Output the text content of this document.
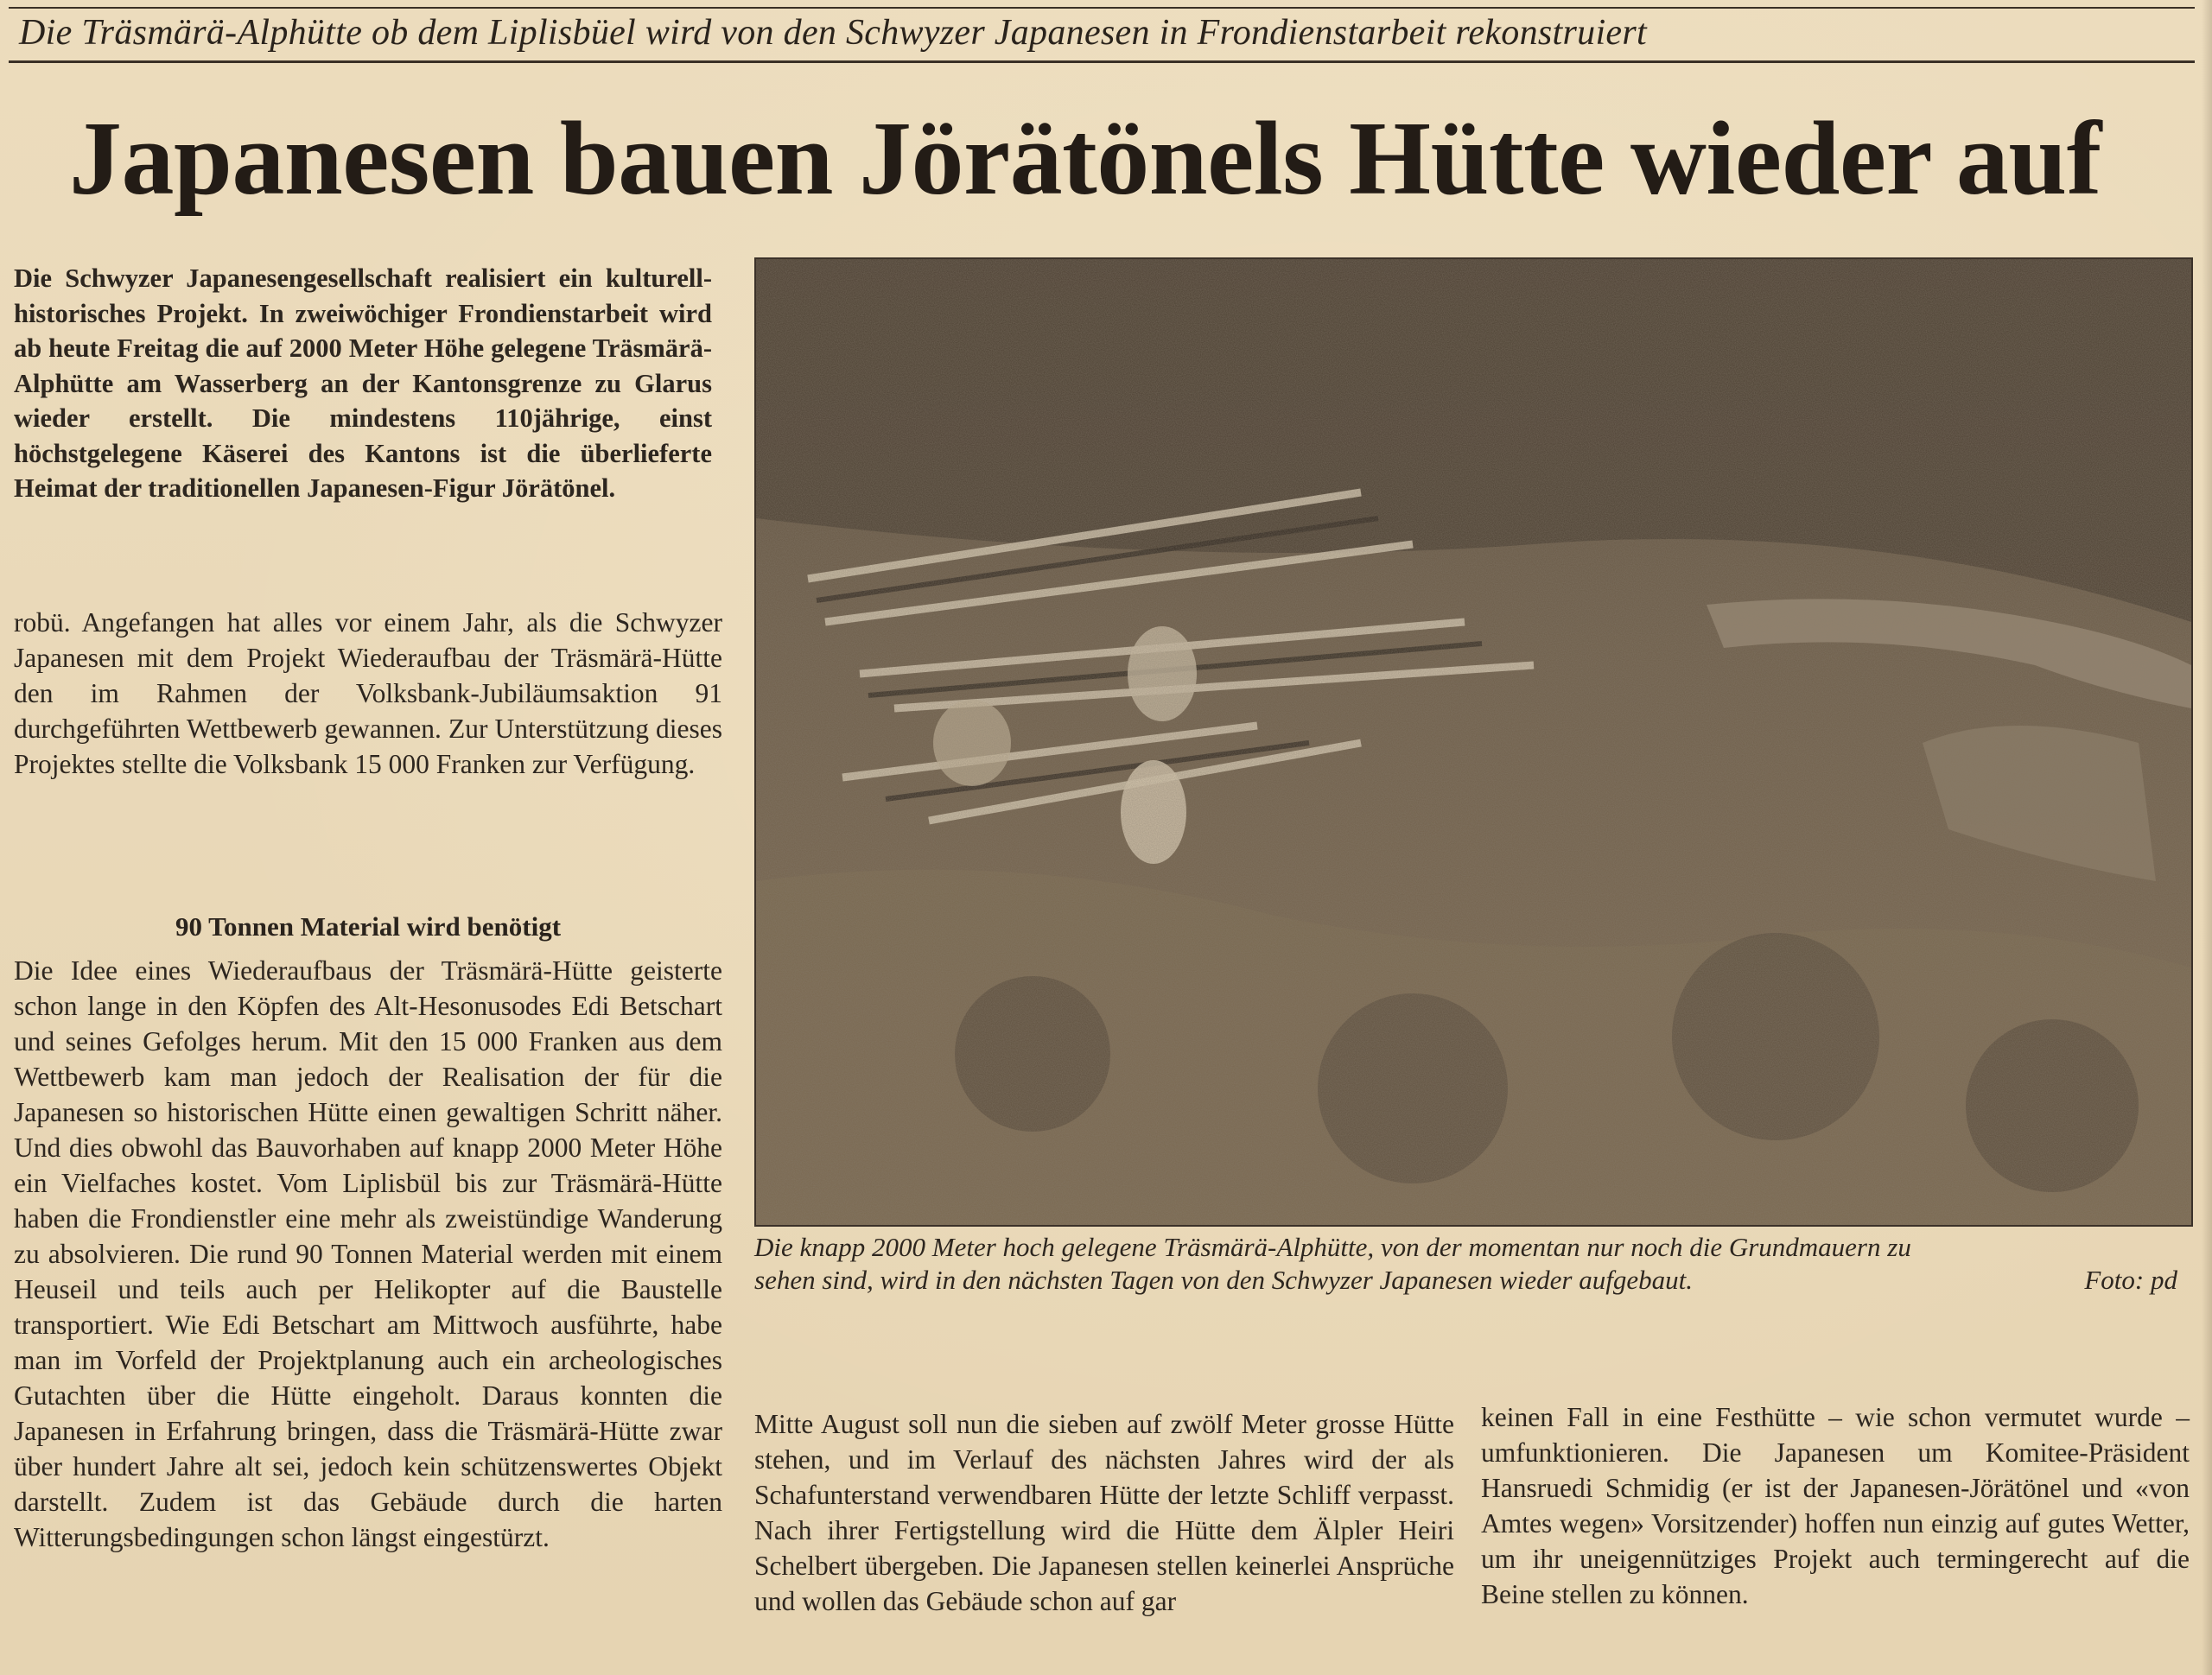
Die Träsmärä-Alphütte ob dem Liplisbüel wird von den Schwyzer Japanesen in Frondienstarbeit rekonstruiert
Japanesen bauen Jörätönels Hütte wieder auf
Die Schwyzer Japanesengesellschaft realisiert ein kulturell-historisches Projekt. In zweiwöchiger Frondienstarbeit wird ab heute Freitag die auf 2000 Meter Höhe gelegene Träsmärä-Alphütte am Wasserberg an der Kantonsgrenze zu Glarus wieder erstellt. Die mindestens 110jährige, einst höchstgelegene Käserei des Kantons ist die überlieferte Heimat der traditionellen Japanesen-Figur Jörätönel.
robü. Angefangen hat alles vor einem Jahr, als die Schwyzer Japanesen mit dem Projekt Wiederaufbau der Träsmärä-Hütte den im Rahmen der Volksbank-Jubiläumsaktion 91 durchgeführten Wettbewerb gewannen. Zur Unterstützung dieses Projektes stellte die Volksbank 15 000 Franken zur Verfügung.
90 Tonnen Material wird benötigt
Die Idee eines Wiederaufbaus der Träsmärä-Hütte geisterte schon lange in den Köpfen des Alt-Hesonusodes Edi Betschart und seines Gefolges herum. Mit den 15 000 Franken aus dem Wettbewerb kam man jedoch der Realisation der für die Japanesen so historischen Hütte einen gewaltigen Schritt näher. Und dies obwohl das Bauvorhaben auf knapp 2000 Meter Höhe ein Vielfaches kostet. Vom Liplisbül bis zur Träsmärä-Hütte haben die Frondienstler eine mehr als zweistündige Wanderung zu absolvieren. Die rund 90 Tonnen Material werden mit einem Heuseil und teils auch per Helikopter auf die Baustelle transportiert. Wie Edi Betschart am Mittwoch ausführte, habe man im Vorfeld der Projektplanung auch ein archeologisches Gutachten über die Hütte eingeholt. Daraus konnten die Japanesen in Erfahrung bringen, dass die Träsmärä-Hütte zwar über hundert Jahre alt sei, jedoch kein schützenswertes Objekt darstellt. Zudem ist das Gebäude durch die harten Witterungsbedingungen schon längst eingestürzt.
Die knapp 2000 Meter hoch gelegene Träsmärä-Alphütte, von der momentan nur noch die Grundmauern zu
sehen sind, wird in den nächsten Tagen von den Schwyzer Japanesen wieder aufgebaut.	Foto: pd
Mitte August soll nun die sieben auf zwölf Meter grosse Hütte stehen, und im Verlauf des nächsten Jahres wird der als Schafunterstand verwendbaren Hütte der letzte Schliff verpasst. Nach ihrer Fertigstellung wird die Hütte dem Älpler Heiri Schelbert übergeben. Die Japanesen stellen keinerlei Ansprüche und wollen das Gebäude schon auf gar
keinen Fall in eine Festhütte – wie schon vermutet wurde – umfunktionieren. Die Japanesen um Komitee-Präsident Hansruedi Schmidig (er ist der Japanesen-Jörätönel und «von Amtes wegen» Vorsitzender) hoffen nun einzig auf gutes Wetter, um ihr uneigennütziges Projekt auch termingerecht auf die Beine stellen zu können.
